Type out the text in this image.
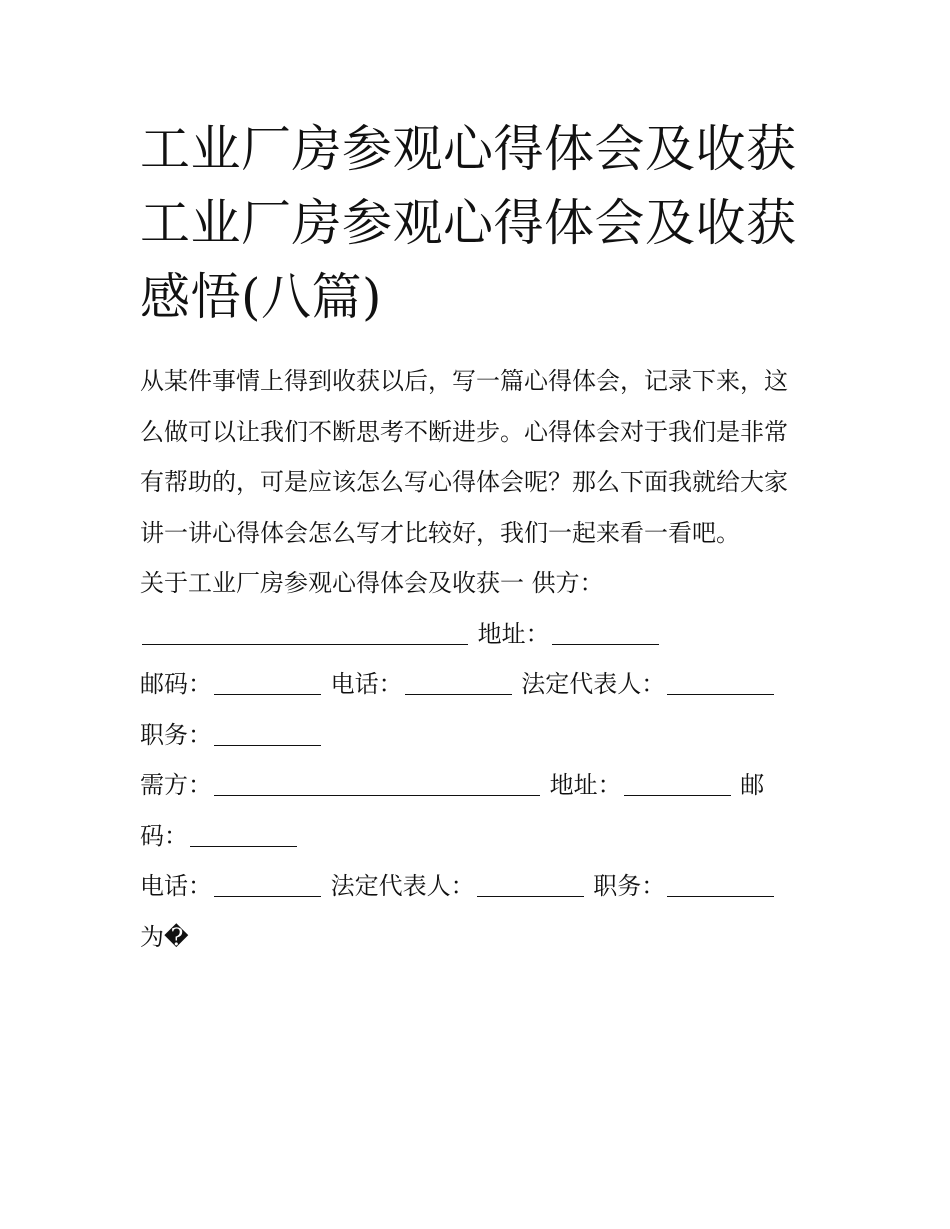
工业厂房参观心得体会及收获
工业厂房参观心得体会及收获
感悟(八篇)
从某件事情上得到收获以后，写一篇心得体会，记录下来，这
么做可以让我们不断思考不断进步。心得体会对于我们是非常
有帮助的，可是应该怎么写心得体会呢？那么下面我就给大家
讲一讲心得体会怎么写才比较好，我们一起来看一看吧。
关于工业厂房参观心得体会及收获一 供方：
地址：
邮码：	电话：	法定代表人：
职务：
需方：	地址：	邮
码：
电话：	法定代表人：	职务：
为�
